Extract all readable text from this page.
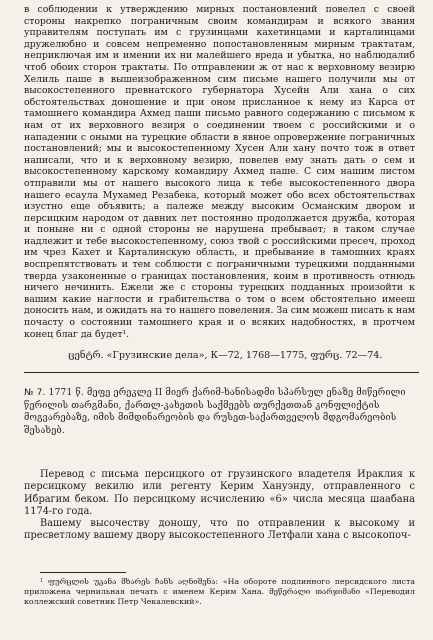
в соблюдении к утверждению мирных постановлений повелел с своей стороны накрепко пограничным своим командирам и всякого звания управителям поступать им с грузинцами кахетинцами и карталинцами дружелюбно и совсем непременно попостановленным мирным трактатам, неприключая им и имении их ни малейшего вреда и убытка, но наблюдалиб чтоб обоих сторон трактаты. По отправлении ж от нас к верховному везирю Хелиль паше в вышеизображенном сим письме нашего получили мы от высокостепенного превнатского губернатора Хусейн Али хана о сих обстоятельствах доношение и при оном присланное к нему из Карса от тамошнего командира Ахмед паши письмо равного содержанию с письмом к нам от их верховного везиря о соединении твоем с российскими и о нападении с оными на турецкие области в явное опровержение пограничных постановлений; мы и высокостепенному Хусен Али хану почто тож в ответ написали, что и к верховному везирю, повелев ему знать дать о сем и высокостепенному карскому командиру Ахмед паше. С сим нашим листом отправили мы от нашего высокого лица к тебе высокостепенного двора нашего есаула Мухамед Резабека, который может обо всех обстоятельствах изустно еще объявить; а палеже между высоким Османским двором и персицким народом от давних лет постоянно продолжается дружба, которая и поныне ни с одной стороны не нарушена пребывает; в таком случае надлежит и тебе высокостепенному, союз твой с российскими пресеч, проход им чрез Кахет и Карталинскую область, и пребывание в тамошних краях воспрепятствовать и тем соблюсти с пограничными турецкими подданными тверда узаконенные о границах постановления, коим в противность отнюдь ничего нечинить. Ежели же с стороны турецких подданных произойти к вашим какие наглости и грабительства о том о всем обстоятельно имееш доносить нам, и ожидать на то нашего повеления. За сим можеш писать к нам почасту о состоянии тамошнего края и о всяких надобностях, в протчем конец благ да будет¹.

ცენტრ. «Грузинские дела», К—72, 1768—1775, ფურც. 72—74.

№ 7. 1771 წ. მეფე ერეკლე II მიერ ქარიმ-ხანისადმი სპარსულ ენაზე მიწერილი წერილის თარგმანი, ქართლ-კახეთის საქმეებს თურქეთთან კონფლიქტის მოგვარებაზე, იმის მიმდინარეობის და რუსეთ-საქართველოს მდგომარეობის შესახებ.

Перевод с письма персицкого от грузинского владетеля Ираклия к персицкому векилю или регенту Керим Хануэнду, отправленного с Ибрагим беком. По персицкому исчислению «6» числа месяца шаабана 1174-го года.

Вашему высочеству доношу, что по отправлении к высокому и пресветлому вашему двору высокостепенного Летфали хана с высокопоч-

¹ ფურცლის უკანა მხარეს ჩანს აღნიშვნა: «На обороте подлинного персидского листа приложена чернильная печать с именем Керим Хана. მეწერალი თარჯიმანი «Переводил коллежский советник Петр Чекалевский».
